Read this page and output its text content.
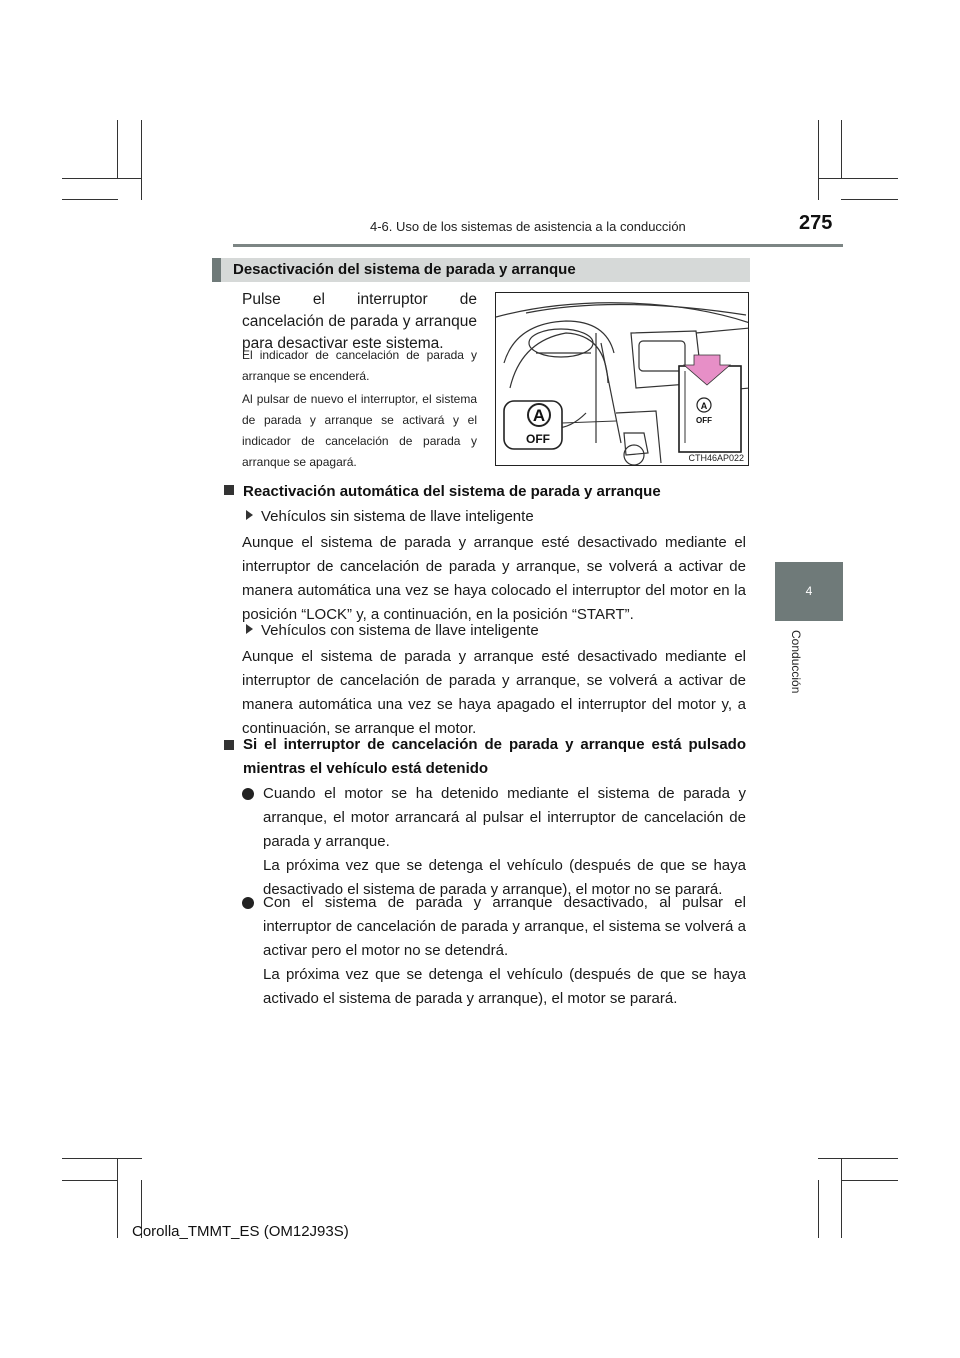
4-6. Uso de los sistemas de asistencia a la conducción	275
4
Conducción
Desactivación del sistema de parada y arranque
Pulse el interruptor de cancelación de parada y arranque para desactivar este sistema.
El indicador de cancelación de parada y arranque se encenderá.
Al pulsar de nuevo el interruptor, el sistema de parada y arranque se activará y el indicador de cancelación de parada y arranque se apagará.
A
OFF
A
OFF
CTH46AP022
Reactivación automática del sistema de parada y arranque
Vehículos sin sistema de llave inteligente
Aunque el sistema de parada y arranque esté desactivado mediante el interruptor de cancelación de parada y arranque, se volverá a activar de manera automática una vez se haya colocado el interruptor del motor en la posición “LOCK” y, a continuación, en la posición “START”.
Vehículos con sistema de llave inteligente
Aunque el sistema de parada y arranque esté desactivado mediante el interruptor de cancelación de parada y arranque, se volverá a activar de manera automática una vez se haya apagado el interruptor del motor y, a continuación, se arranque el motor.
Si el interruptor de cancelación de parada y arranque está pulsado mientras el vehículo está detenido
Cuando el motor se ha detenido mediante el sistema de parada y arranque, el motor arrancará al pulsar el interruptor de cancelación de parada y arranque.
La próxima vez que se detenga el vehículo (después de que se haya desactivado el sistema de parada y arranque), el motor no se parará.
Con el sistema de parada y arranque desactivado, al pulsar el interruptor de cancelación de parada y arranque, el sistema se volverá a activar pero el motor no se detendrá.
La próxima vez que se detenga el vehículo (después de que se haya activado el sistema de parada y arranque), el motor se parará.
Corolla_TMMT_ES (OM12J93S)
